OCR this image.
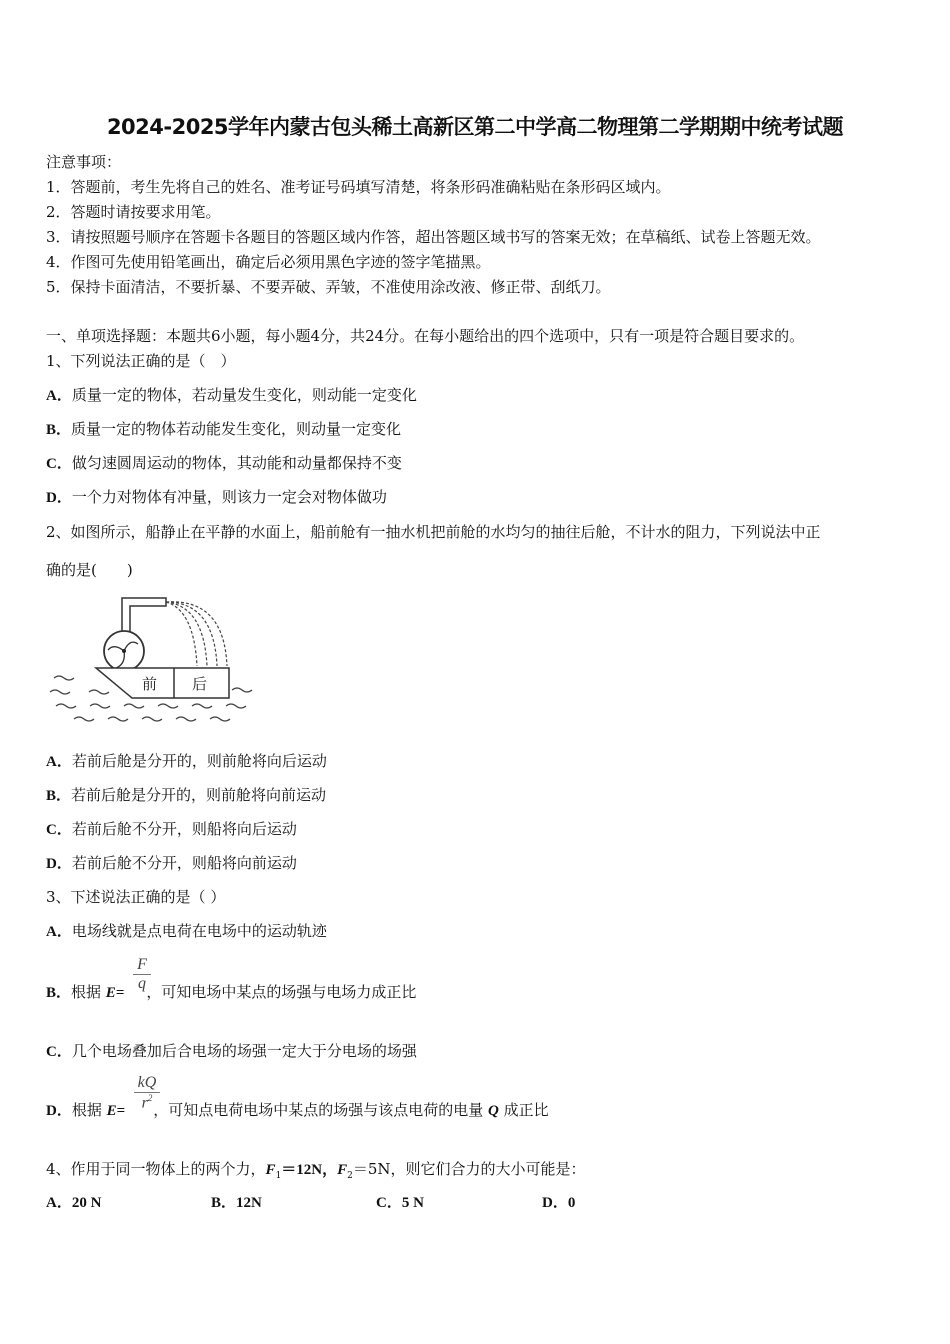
2024-2025学年内蒙古包头稀土高新区第二中学高二物理第二学期期中统考试题
注意事项：
1．答题前，考生先将自己的姓名、准考证号码填写清楚，将条形码准确粘贴在条形码区域内。
2．答题时请按要求用笔。
3．请按照题号顺序在答题卡各题目的答题区域内作答，超出答题区域书写的答案无效；在草稿纸、试卷上答题无效。
4．作图可先使用铅笔画出，确定后必须用黑色字迹的签字笔描黑。
5．保持卡面清洁，不要折暴、不要弄破、弄皱，不准使用涂改液、修正带、刮纸刀。
一、单项选择题：本题共6小题，每小题4分，共24分。在每小题给出的四个选项中，只有一项是符合题目要求的。
1、下列说法正确的是（　）
A．质量一定的物体，若动量发生变化，则动能一定变化
B．质量一定的物体若动能发生变化，则动量一定变化
C．做匀速圆周运动的物体，其动能和动量都保持不变
D．一个力对物体有冲量，则该力一定会对物体做功
2、如图所示，船静止在平静的水面上，船前舱有一抽水机把前舱的水均匀的抽往后舱，不计水的阻力，下列说法中正
确的是(　　)
前 后
A．若前后舱是分开的，则前舱将向后运动
B．若前后舱是分开的，则前舱将向前运动
C．若前后舱不分开，则船将向后运动
D．若前后舱不分开，则船将向前运动
3、下述说法正确的是（ ）
A．电场线就是点电荷在电场中的运动轨迹
B．根据 E= ，可知电场中某点的场强与电场力成正比
F
q
C．几个电场叠加后合电场的场强一定大于分电场的场强
D．根据 E= ，可知点电荷电场中某点的场强与该点电荷的电量 Q 成正比
kQ
$r^2$
4、作用于同一物体上的两个力，$F_1=12N$，$F_2=5N$，则它们合力的大小可能是：
A．20 N	B．12N	C．5 N	D．0
